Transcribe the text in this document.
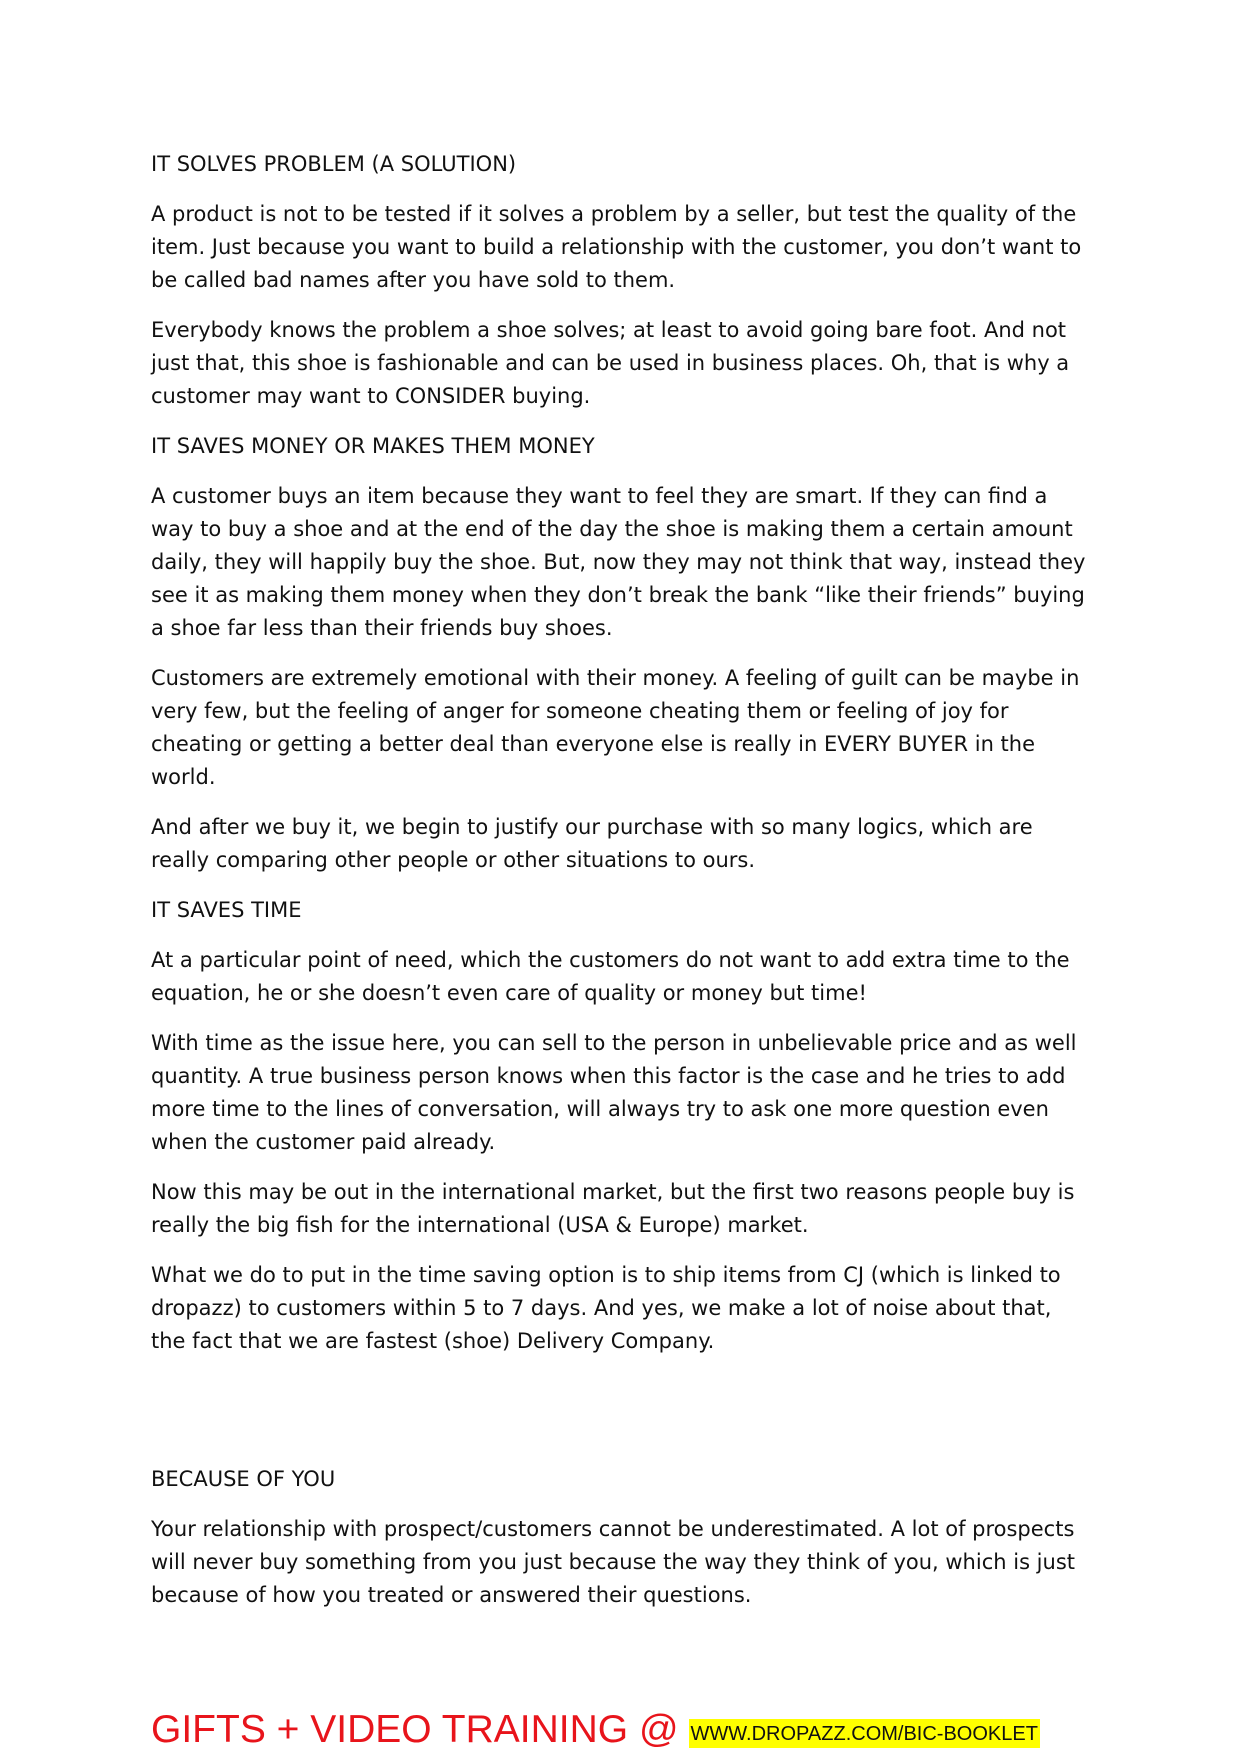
IT SOLVES PROBLEM (A SOLUTION)

A product is not to be tested if it solves a problem by a seller, but test the quality of the item. Just because you want to build a relationship with the customer, you don’t want to be called bad names after you have sold to them.

Everybody knows the problem a shoe solves; at least to avoid going bare foot. And not just that, this shoe is fashionable and can be used in business places. Oh, that is why a customer may want to CONSIDER buying.

IT SAVES MONEY OR MAKES THEM MONEY

A customer buys an item because they want to feel they are smart. If they can find a way to buy a shoe and at the end of the day the shoe is making them a certain amount daily, they will happily buy the shoe. But, now they may not think that way, instead they see it as making them money when they don’t break the bank “like their friends” buying a shoe far less than their friends buy shoes.

Customers are extremely emotional with their money. A feeling of guilt can be maybe in very few, but the feeling of anger for someone cheating them or feeling of joy for cheating or getting a better deal than everyone else is really in EVERY BUYER in the world.

And after we buy it, we begin to justify our purchase with so many logics, which are really comparing other people or other situations to ours.

IT SAVES TIME

At a particular point of need, which the customers do not want to add extra time to the equation, he or she doesn’t even care of quality or money but time!

With time as the issue here, you can sell to the person in unbelievable price and as well quantity. A true business person knows when this factor is the case and he tries to add more time to the lines of conversation, will always try to ask one more question even when the customer paid already.

Now this may be out in the international market, but the first two reasons people buy is really the big fish for the international (USA & Europe) market.

What we do to put in the time saving option is to ship items from CJ (which is linked to dropazz) to customers within 5 to 7 days. And yes, we make a lot of noise about that, the fact that we are fastest (shoe) Delivery Company.

BECAUSE OF YOU

Your relationship with prospect/customers cannot be underestimated. A lot of prospects will never buy something from you just because the way they think of you, which is just because of how you treated or answered their questions.

GIFTS + VIDEO TRAINING @ WWW.DROPAZZ.COM/BIC-BOOKLET
